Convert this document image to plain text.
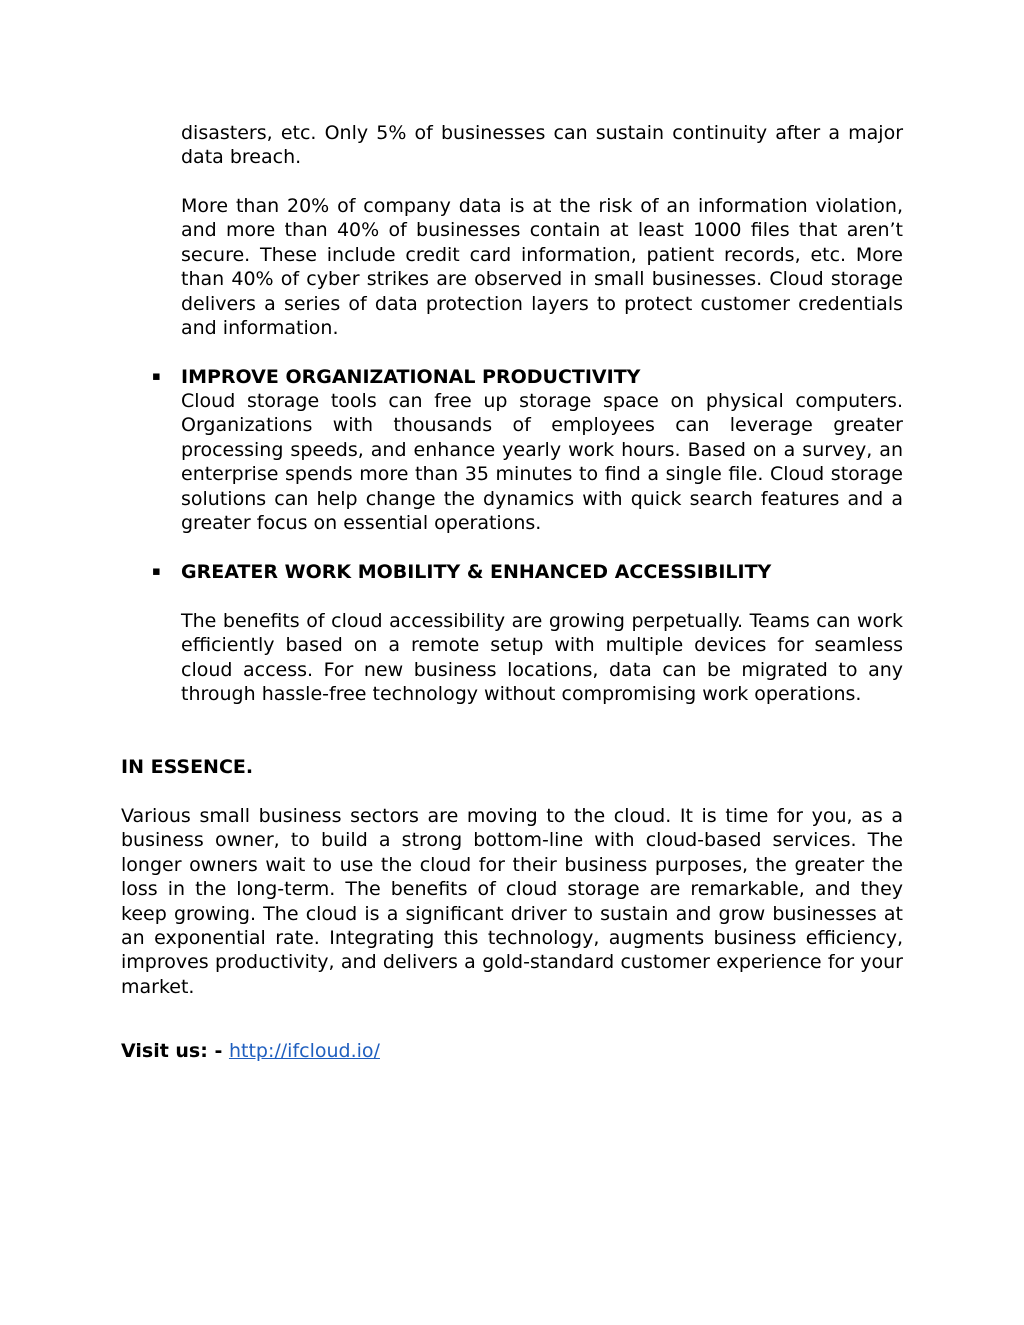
disasters, etc. Only 5% of businesses can sustain continuity after a major data breach.

More than 20% of company data is at the risk of an information violation, and more than 40% of businesses contain at least 1000 files that aren’t secure. These include credit card information, patient records, etc. More than 40% of cyber strikes are observed in small businesses. Cloud storage delivers a series of data protection layers to protect customer credentials and information.

▪ IMPROVE ORGANIZATIONAL PRODUCTIVITY

Cloud storage tools can free up storage space on physical computers. Organizations with thousands of employees can leverage greater processing speeds, and enhance yearly work hours. Based on a survey, an enterprise spends more than 35 minutes to find a single file. Cloud storage solutions can help change the dynamics with quick search features and a greater focus on essential operations.

▪ GREATER WORK MOBILITY & ENHANCED ACCESSIBILITY

The benefits of cloud accessibility are growing perpetually. Teams can work efficiently based on a remote setup with multiple devices for seamless cloud access. For new business locations, data can be migrated to any through hassle-free technology without compromising work operations.

IN ESSENCE.

Various small business sectors are moving to the cloud. It is time for you, as a business owner, to build a strong bottom-line with cloud-based services. The longer owners wait to use the cloud for their business purposes, the greater the loss in the long-term. The benefits of cloud storage are remarkable, and they keep growing. The cloud is a significant driver to sustain and grow businesses at an exponential rate. Integrating this technology, augments business efficiency, improves productivity, and delivers a gold-standard customer experience for your market.

Visit us: - http://ifcloud.io/
